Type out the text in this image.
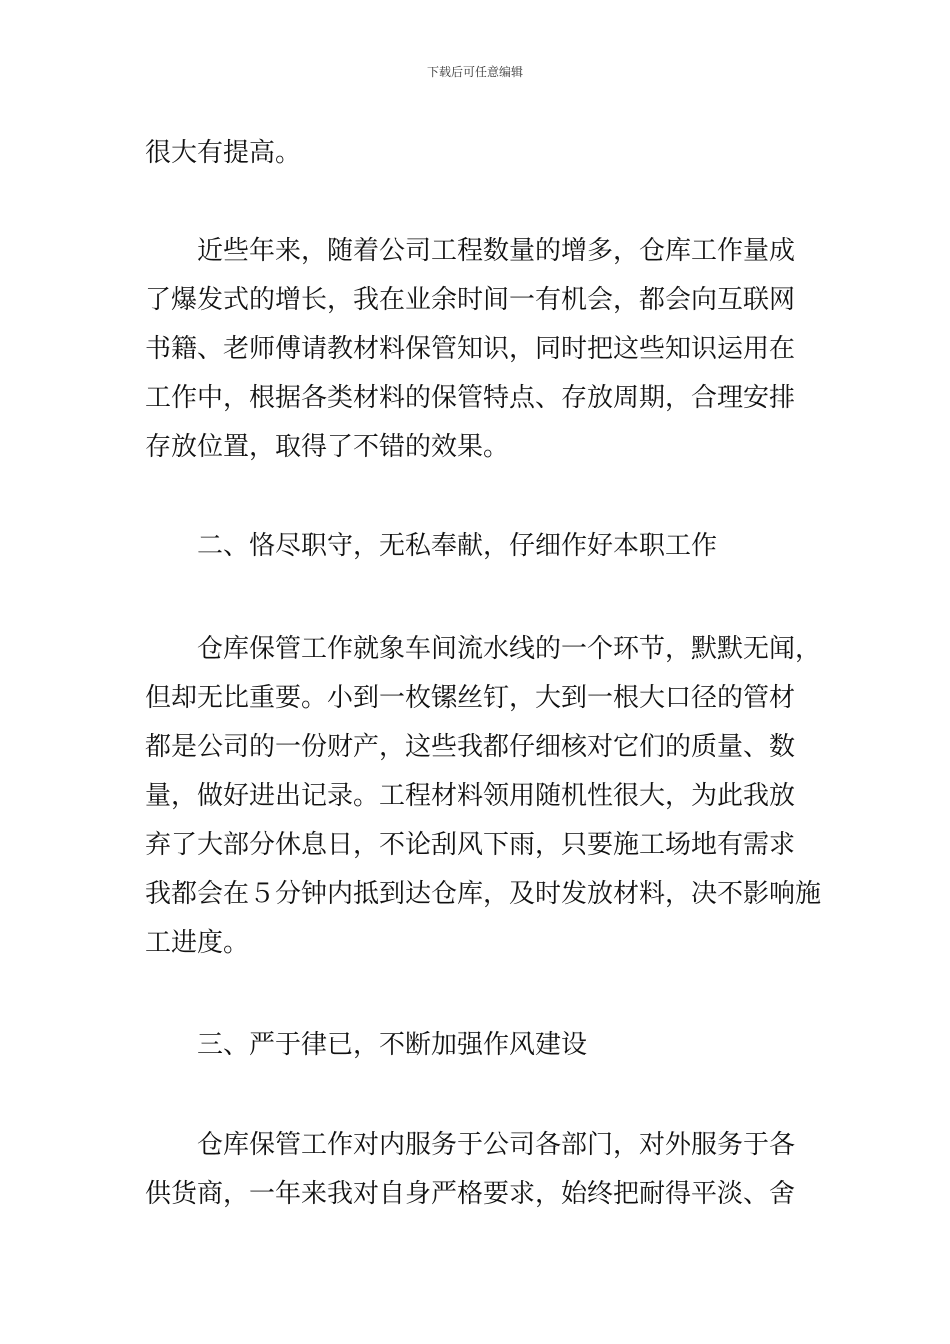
下载后可任意编辑
很大有提高。
　　近些年来，随着公司工程数量的增多，仓库工作量成
了爆发式的增长，我在业余时间一有机会，都会向互联网
书籍、老师傅请教材料保管知识，同时把这些知识运用在
工作中，根据各类材料的保管特点、存放周期，合理安排
存放位置，取得了不错的效果。
　　二、恪尽职守，无私奉献，仔细作好本职工作
　　仓库保管工作就象车间流水线的一个环节，默默无闻，
但却无比重要。小到一枚镙丝钉，大到一根大口径的管材
都是公司的一份财产，这些我都仔细核对它们的质量、数
量，做好进出记录。工程材料领用随机性很大，为此我放
弃了大部分休息日，不论刮风下雨，只要施工场地有需求
我都会在５分钟内抵到达仓库，及时发放材料，决不影响施
工进度。
　　三、严于律已，不断加强作风建设
　　仓库保管工作对内服务于公司各部门，对外服务于各
供货商，一年来我对自身严格要求，始终把耐得平淡、舍
